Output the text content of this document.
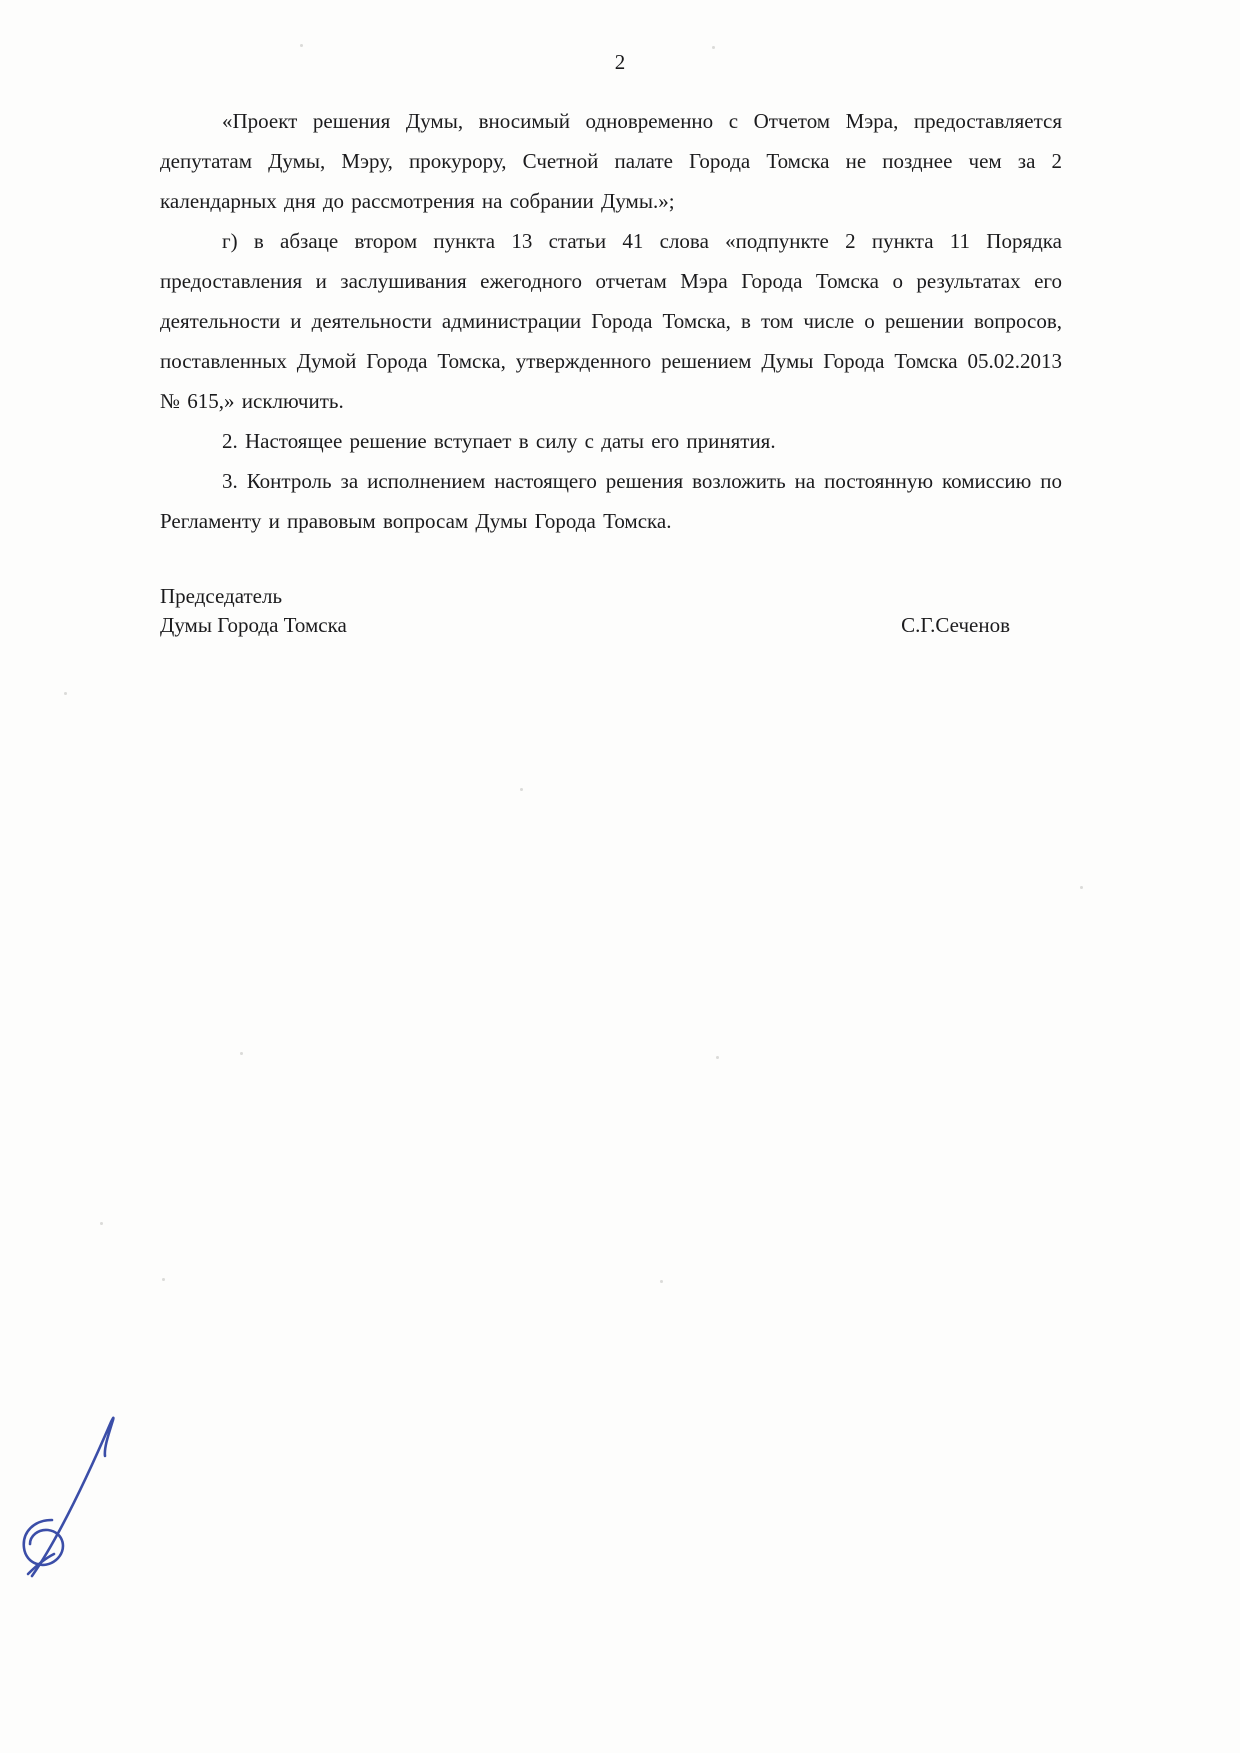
2

«Проект решения Думы, вносимый одновременно с Отчетом Мэра, предоставляется депутатам Думы, Мэру, прокурору, Счетной палате Города Томска не позднее чем за 2 календарных дня до рассмотрения на собрании Думы.»;

г) в абзаце втором пункта 13 статьи 41 слова «подпункте 2 пункта 11 Порядка предоставления и заслушивания ежегодного отчетам Мэра Города Томска о результатах его деятельности и деятельности администрации Города Томска, в том числе о решении вопросов, поставленных Думой Города Томска, утвержденного решением Думы Города Томска 05.02.2013 № 615,» исключить.

2. Настоящее решение вступает в силу с даты его принятия.

3. Контроль за исполнением настоящего решения возложить на постоянную комиссию по Регламенту и правовым вопросам Думы Города Томска.

Председатель
Думы Города Томска	С.Г.Сеченов
